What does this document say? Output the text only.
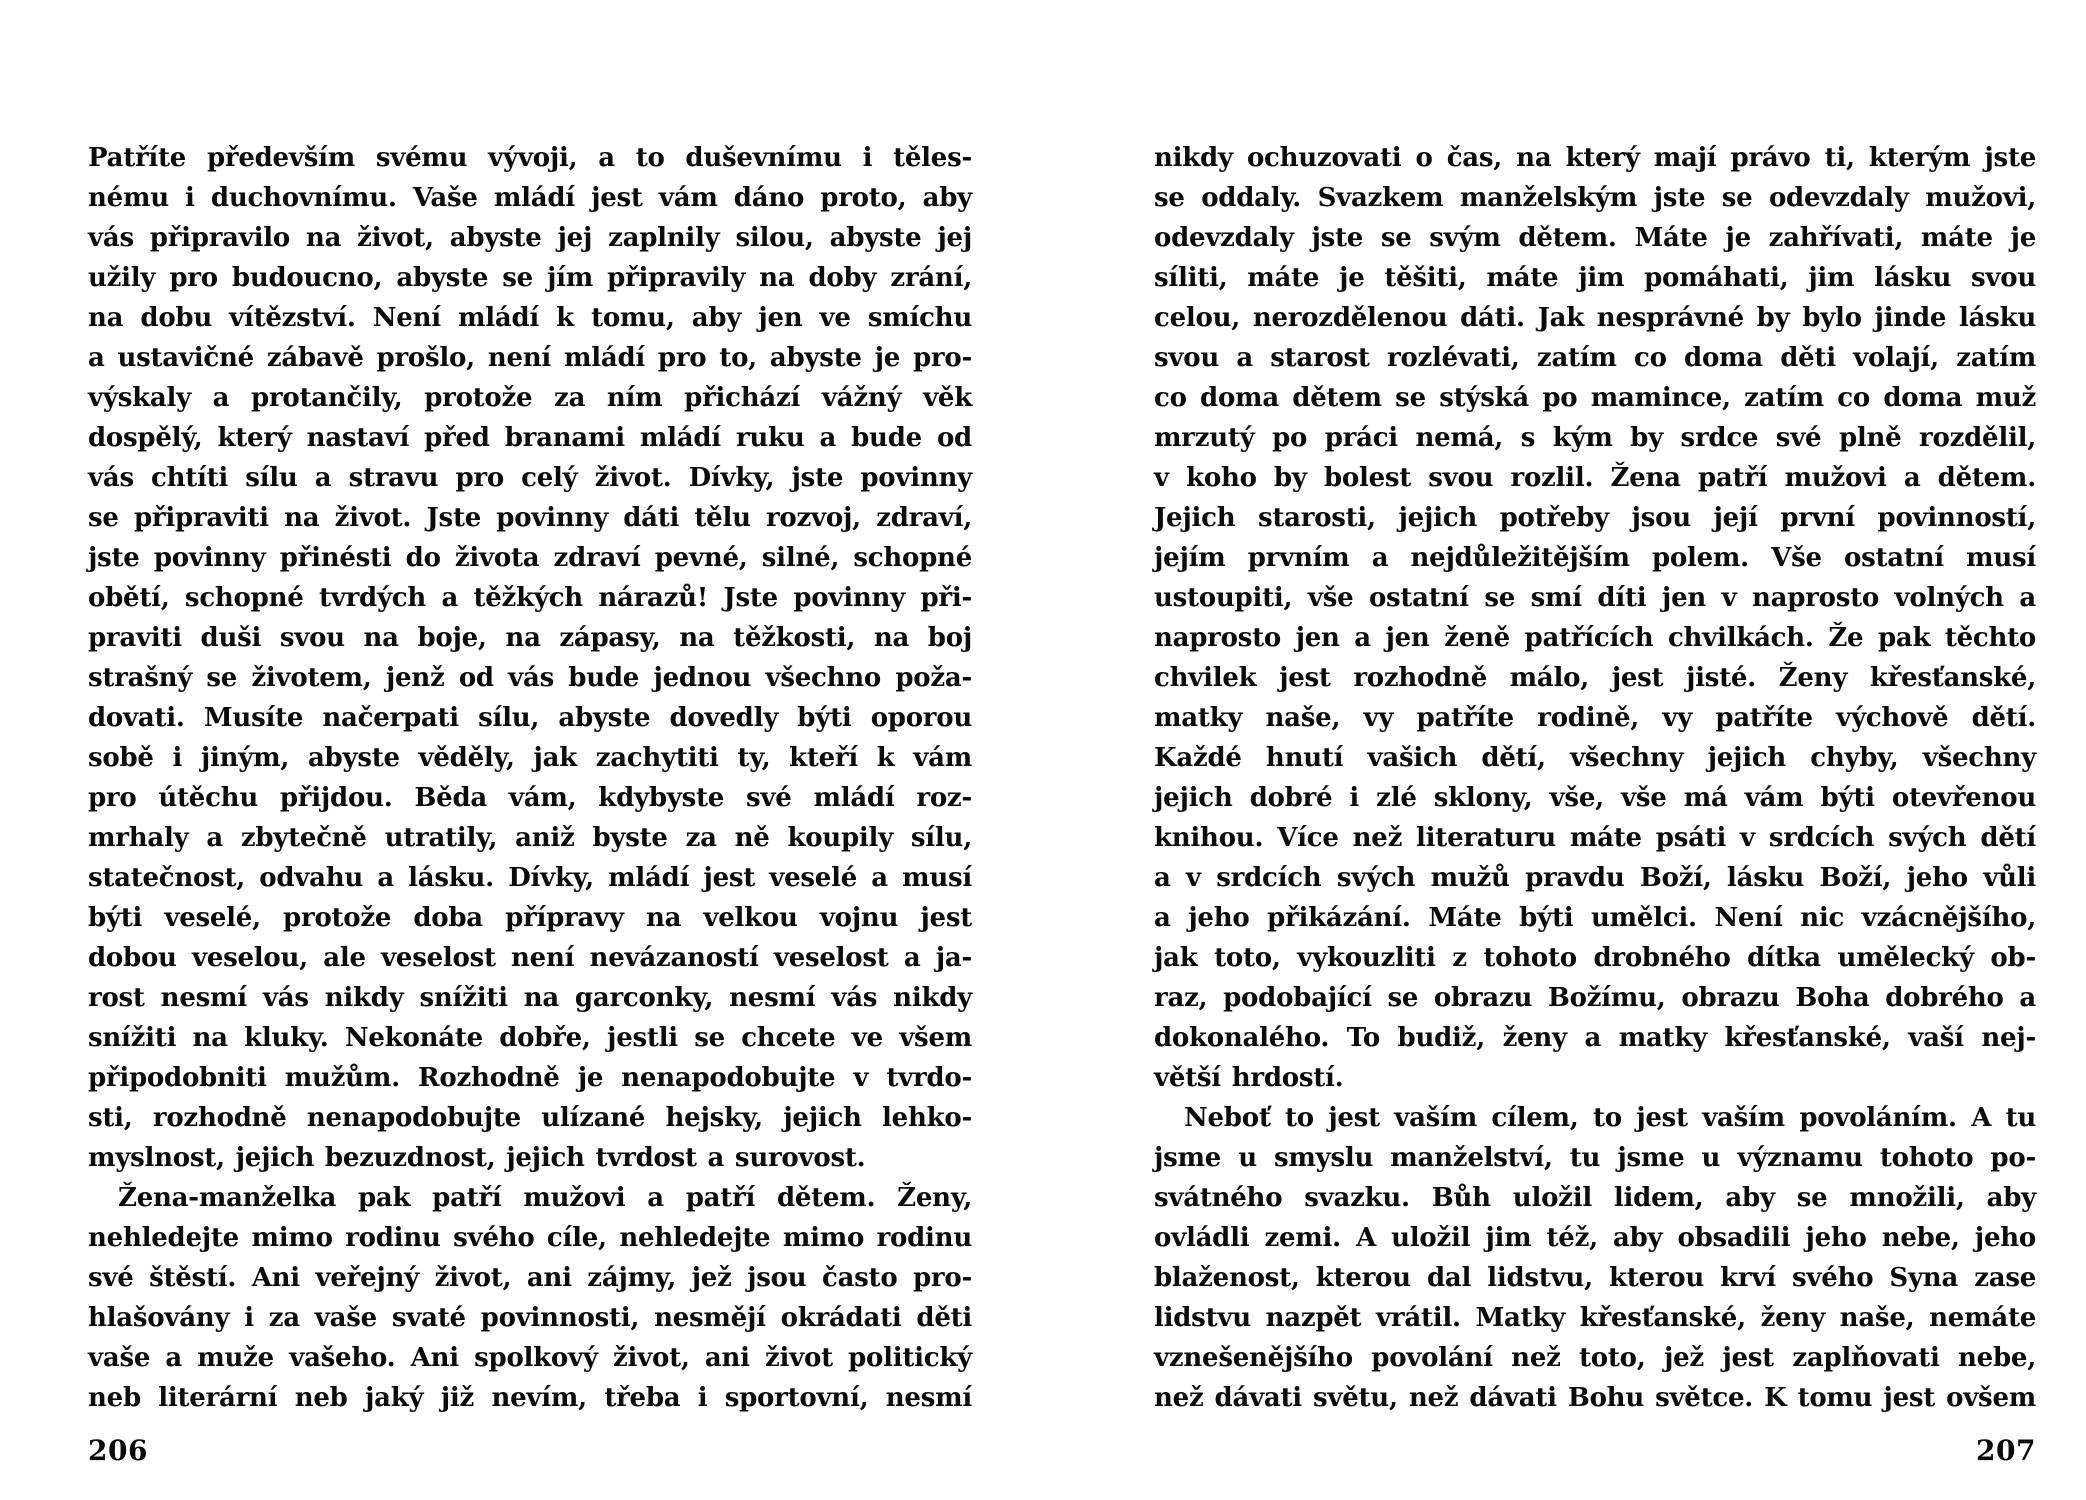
Patříte především svému vývoji, a to duševnímu i těles-
nému i duchovnímu. Vaše mládí jest vám dáno proto, aby
vás připravilo na život, abyste jej zaplnily silou, abyste jej
užily pro budoucno, abyste se jím připravily na doby zrání,
na dobu vítězství. Není mládí k tomu, aby jen ve smíchu
a ustavičné zábavě prošlo, není mládí pro to, abyste je pro-
výskaly a protančily, protože za ním přichází vážný věk
dospělý, který nastaví před branami mládí ruku a bude od
vás chtíti sílu a stravu pro celý život. Dívky, jste povinny
se připraviti na život. Jste povinny dáti tělu rozvoj, zdraví,
jste povinny přinésti do života zdraví pevné, silné, schopné
obětí, schopné tvrdých a těžkých nárazů! Jste povinny při-
praviti duši svou na boje, na zápasy, na těžkosti, na boj
strašný se životem, jenž od vás bude jednou všechno poža-
dovati. Musíte načerpati sílu, abyste dovedly býti oporou
sobě i jiným, abyste věděly, jak zachytiti ty, kteří k vám
pro útěchu přijdou. Běda vám, kdybyste své mládí roz-
mrhaly a zbytečně utratily, aniž byste za ně koupily sílu,
statečnost, odvahu a lásku. Dívky, mládí jest veselé a musí
býti veselé, protože doba přípravy na velkou vojnu jest
dobou veselou, ale veselost není nevázaností veselost a ja-
rost nesmí vás nikdy snížiti na garconky, nesmí vás nikdy
snížiti na kluky. Nekonáte dobře, jestli se chcete ve všem
připodobniti mužům. Rozhodně je nenapodobujte v tvrdo-
sti, rozhodně nenapodobujte ulízané hejsky, jejich lehko-
myslnost, jejich bezuzdnost, jejich tvrdost a surovost.
Žena-manželka pak patří mužovi a patří dětem. Ženy,
nehledejte mimo rodinu svého cíle, nehledejte mimo rodinu
své štěstí. Ani veřejný život, ani zájmy, jež jsou často pro-
hlašovány i za vaše svaté povinnosti, nesmějí okrádati děti
vaše a muže vašeho. Ani spolkový život, ani život politický
neb literární neb jaký již nevím, třeba i sportovní, nesmí
nikdy ochuzovati o čas, na který mají právo ti, kterým jste
se oddaly. Svazkem manželským jste se odevzdaly mužovi,
odevzdaly jste se svým dětem. Máte je zahřívati, máte je
síliti, máte je těšiti, máte jim pomáhati, jim lásku svou
celou, nerozdělenou dáti. Jak nesprávné by bylo jinde lásku
svou a starost rozlévati, zatím co doma děti volají, zatím
co doma dětem se stýská po mamince, zatím co doma muž
mrzutý po práci nemá, s kým by srdce své plně rozdělil,
v koho by bolest svou rozlil. Žena patří mužovi a dětem.
Jejich starosti, jejich potřeby jsou její první povinností,
jejím prvním a nejdůležitějším polem. Vše ostatní musí
ustoupiti, vše ostatní se smí díti jen v naprosto volných a
naprosto jen a jen ženě patřících chvilkách. Že pak těchto
chvilek jest rozhodně málo, jest jisté. Ženy křesťanské,
matky naše, vy patříte rodině, vy patříte výchově dětí.
Každé hnutí vašich dětí, všechny jejich chyby, všechny
jejich dobré i zlé sklony, vše, vše má vám býti otevřenou
knihou. Více než literaturu máte psáti v srdcích svých dětí
a v srdcích svých mužů pravdu Boží, lásku Boží, jeho vůli
a jeho přikázání. Máte býti umělci. Není nic vzácnějšího,
jak toto, vykouzliti z tohoto drobného dítka umělecký ob-
raz, podobající se obrazu Božímu, obrazu Boha dobrého a
dokonalého. To budiž, ženy a matky křesťanské, vaší nej-
větší hrdostí.
Neboť to jest vaším cílem, to jest vaším povoláním. A tu
jsme u smyslu manželství, tu jsme u významu tohoto po-
svátného svazku. Bůh uložil lidem, aby se množili, aby
ovládli zemi. A uložil jim též, aby obsadili jeho nebe, jeho
blaženost, kterou dal lidstvu, kterou krví svého Syna zase
lidstvu nazpět vrátil. Matky křesťanské, ženy naše, nemáte
vznešenějšího povolání než toto, jež jest zaplňovati nebe,
než dávati světu, než dávati Bohu světce. K tomu jest ovšem
206	207
